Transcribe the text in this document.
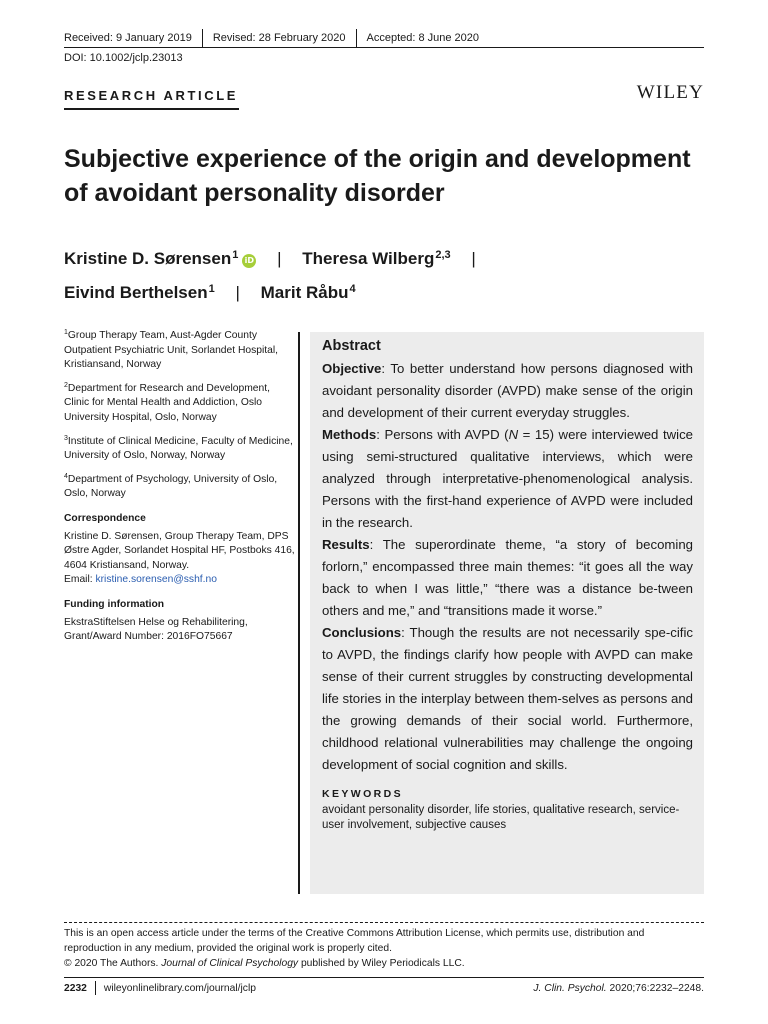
Received: 9 January 2019 Revised: 28 February 2020 Accepted: 8 June 2020
DOI: 10.1002/jclp.23013
RESEARCH ARTICLE	WILEY
Subjective experience of the origin and development of avoidant personality disorder
Kristine D. Sørensen$^1$ iD | Theresa Wilberg$^{2,3}$ |
Eivind Berthelsen$^1$ | Marit Råbu$^4$

$^1$Group Therapy Team, Aust-Agder County Outpatient Psychiatric Unit, Sorlandet Hospital, Kristiansand, Norway

$^2$Department for Research and Development, Clinic for Mental Health and Addiction, Oslo University Hospital, Oslo, Norway

$^3$Institute of Clinical Medicine, Faculty of Medicine, University of Oslo, Norway, Norway

$^4$Department of Psychology, University of Oslo, Oslo, Norway

Correspondence

Kristine D. Sørensen, Group Therapy Team, DPS Østre Agder, Sorlandet Hospital HF, Postboks 416, 4604 Kristiansand, Norway.
Email: kristine.sorensen@sshf.no

Funding information

EkstraStiftelsen Helse og Rehabilitering, Grant/Award Number: 2016FO75667

Abstract

Objective: To better understand how persons diagnosed with avoidant personality disorder (AVPD) make sense of the origin and development of their current everyday struggles.

Methods: Persons with AVPD (N = 15) were interviewed twice using semi-structured qualitative interviews, which were analyzed through interpretative-phenomenological analysis. Persons with the first-hand experience of AVPD were included in the research.

Results: The superordinate theme, “a story of becoming forlorn,” encompassed three main themes: “it goes all the way back to when I was little,” “there was a distance be-tween others and me,” and “transitions made it worse.”

Conclusions: Though the results are not necessarily spe-cific to AVPD, the findings clarify how people with AVPD can make sense of their current struggles by constructing developmental life stories in the interplay between them-selves as persons and the growing demands of their social world. Furthermore, childhood relational vulnerabilities may challenge the ongoing development of social cognition and skills.

KEYWORDS
avoidant personality disorder, life stories, qualitative research, service-user involvement, subjective causes
This is an open access article under the terms of the Creative Commons Attribution License, which permits use, distribution and reproduction in any medium, provided the original work is properly cited.
© 2020 The Authors. Journal of Clinical Psychology published by Wiley Periodicals LLC.
2232 wileyonlinelibrary.com/journal/jclp	J. Clin. Psychol. 2020;76:2232–2248.
